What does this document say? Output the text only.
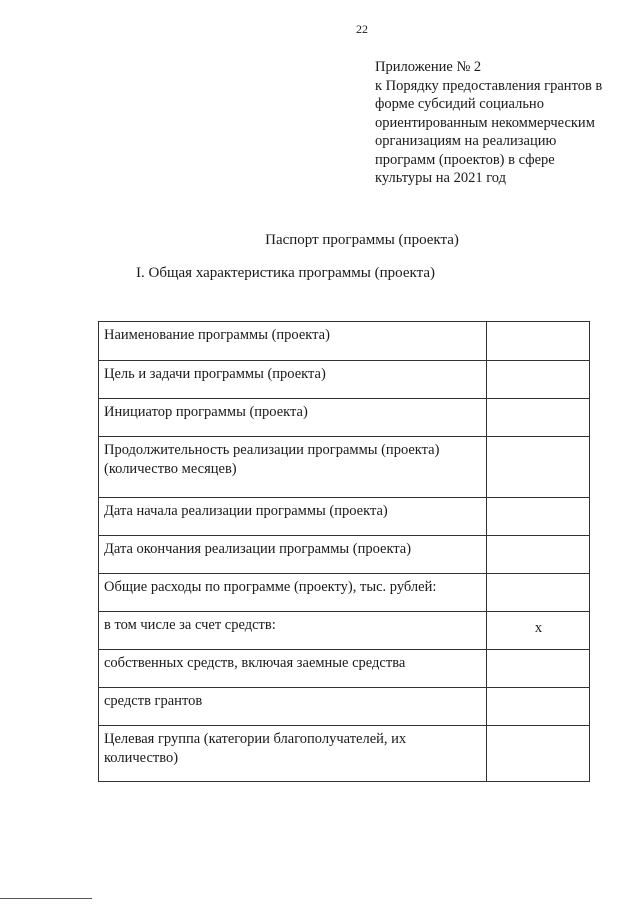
22
Приложение № 2
к Порядку предоставления грантов в
форме субсидий социально
ориентированным некоммерческим
организациям на реализацию
программ (проектов) в сфере
культуры на 2021 год
Паспорт программы (проекта)
I. Общая характеристика программы (проекта)
Наименование программы (проекта)	
Цель и задачи программы (проекта)	
Инициатор программы (проекта)	
Продолжительность реализации программы (проекта) (количество месяцев)	
Дата начала реализации программы (проекта)	
Дата окончания реализации программы (проекта)	
Общие расходы по программе (проекту), тыс. рублей:	
в том числе за счет средств:	x
собственных средств, включая заемные средства	
средств грантов	
Целевая группа (категории благополучателей, их количество)	
